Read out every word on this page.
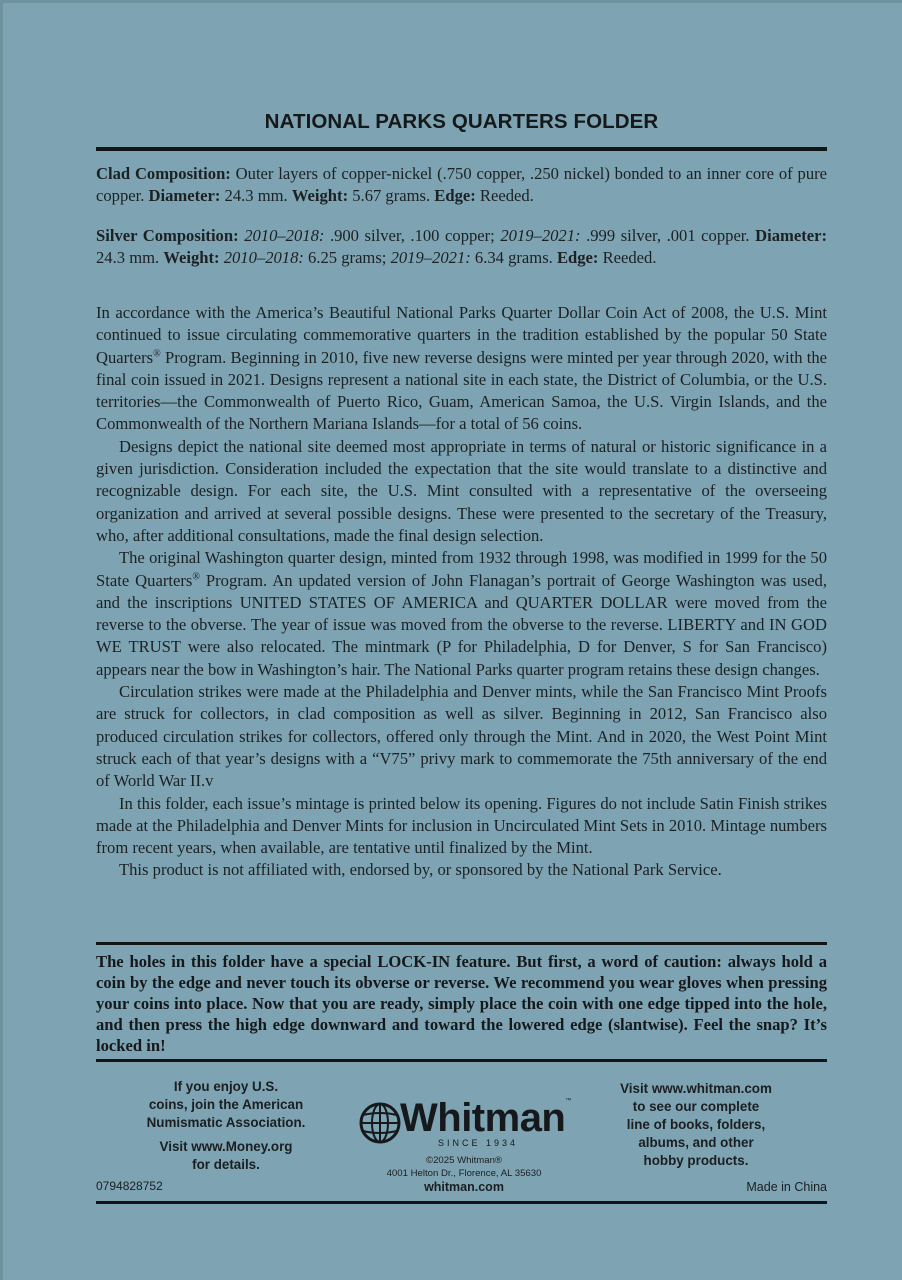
NATIONAL PARKS QUARTERS FOLDER
Clad Composition: Outer layers of copper-nickel (.750 copper, .250 nickel) bonded to an inner core of pure copper. Diameter: 24.3 mm. Weight: 5.67 grams. Edge: Reeded.
Silver Composition: 2010–2018: .900 silver, .100 copper; 2019–2021: .999 silver, .001 copper. Diameter: 24.3 mm. Weight: 2010–2018: 6.25 grams; 2019–2021: 6.34 grams. Edge: Reeded.

In accordance with the America’s Beautiful National Parks Quarter Dollar Coin Act of 2008, the U.S. Mint continued to issue circulating commemorative quarters in the tradition established by the popular 50 State Quarters® Program. Beginning in 2010, five new reverse designs were minted per year through 2020, with the final coin issued in 2021. Designs represent a national site in each state, the District of Columbia, or the U.S. territories—the Commonwealth of Puerto Rico, Guam, American Samoa, the U.S. Virgin Islands, and the Commonwealth of the Northern Mariana Islands—for a total of 56 coins.

Designs depict the national site deemed most appropriate in terms of natural or historic significance in a given jurisdiction. Consideration included the expectation that the site would translate to a distinctive and recognizable design. For each site, the U.S. Mint consulted with a representative of the overseeing organization and arrived at several possible designs. These were presented to the secretary of the Treasury, who, after additional consultations, made the final design selection.

The original Washington quarter design, minted from 1932 through 1998, was modified in 1999 for the 50 State Quarters® Program. An updated version of John Flanagan’s portrait of George Washington was used, and the inscriptions UNITED STATES OF AMERICA and QUARTER DOLLAR were moved from the reverse to the obverse. The year of issue was moved from the obverse to the reverse. LIBERTY and IN GOD WE TRUST were also relocated. The mintmark (P for Philadelphia, D for Denver, S for San Francisco) appears near the bow in Washington’s hair. The National Parks quarter program retains these design changes.

Circulation strikes were made at the Philadelphia and Denver mints, while the San Francisco Mint Proofs are struck for collectors, in clad composition as well as silver. Beginning in 2012, San Francisco also produced circulation strikes for collectors, offered only through the Mint. And in 2020, the West Point Mint struck each of that year’s designs with a “V75” privy mark to commemorate the 75th anniversary of the end of World War II.v

In this folder, each issue’s mintage is printed below its opening. Figures do not include Satin Finish strikes made at the Philadelphia and Denver Mints for inclusion in Uncirculated Mint Sets in 2010. Mintage numbers from recent years, when available, are tentative until finalized by the Mint.

This product is not affiliated with, endorsed by, or sponsored by the National Park Service.

The holes in this folder have a special LOCK-IN feature. But first, a word of caution: always hold a coin by the edge and never touch its obverse or reverse. We recommend you wear gloves when pressing your coins into place. Now that you are ready, simply place the coin with one edge tipped into the hole, and then press the high edge downward and toward the lowered edge (slantwise). Feel the snap? It’s locked in!
If you enjoy U.S.
coins, join the American
Numismatic Association.
Visit www.Money.org
for details.
0794828752
Whitman™
SINCE 1934
©2025 Whitman®
4001 Helton Dr., Florence, AL 35630
whitman.com
Visit www.whitman.com
to see our complete
line of books, folders,
albums, and other
hobby products.
Made in China
